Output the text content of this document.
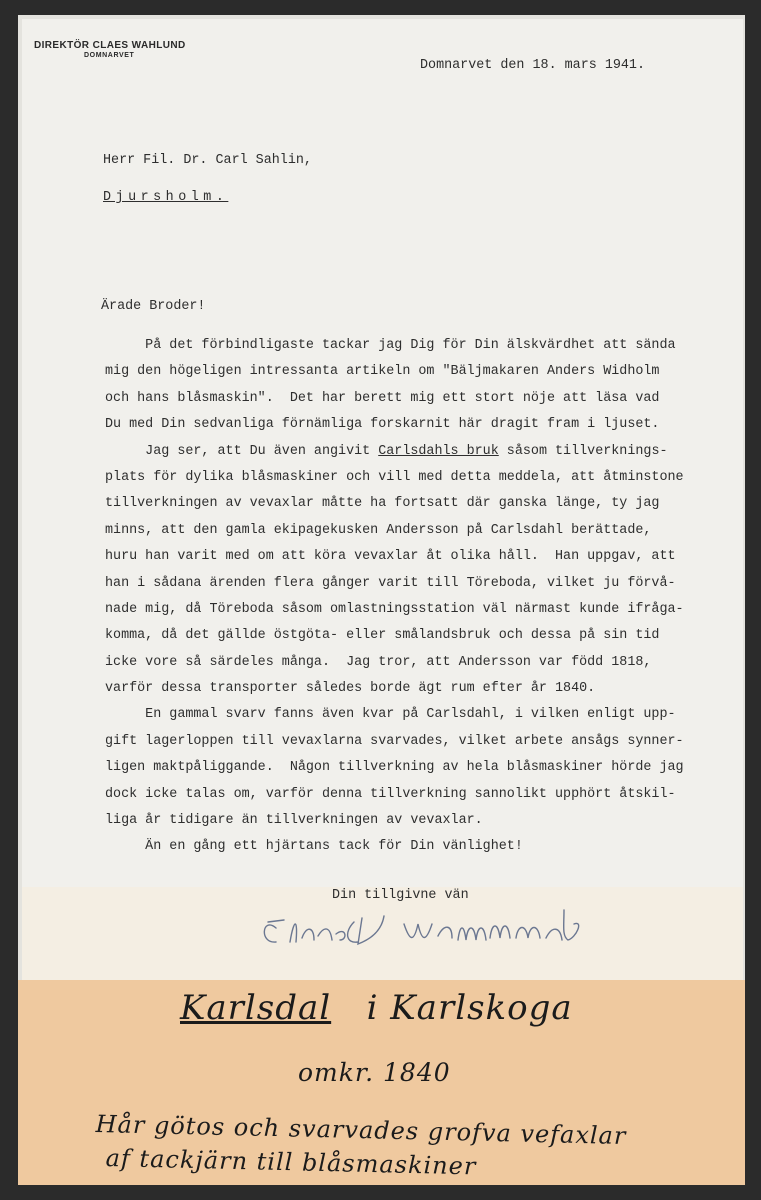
DIREKTÖR CLAES WAHLUND
DOMNARVET
Domnarvet den 18. mars 1941.
Herr Fil. Dr. Carl Sahlin,
Djursholm.
Ärade Broder!
På det förbindligaste tackar jag Dig för Din älskvärdhet att sända
mig den högeligen intressanta artikeln om "Bäljmakaren Anders Widholm
och hans blåsmaskin".  Det har berett mig ett stort nöje att läsa vad
Du med Din sedvanliga förnämliga forskarnit här dragit fram i ljuset.
Jag ser, att Du även angivit Carlsdahls bruk såsom tillverknings-
plats för dylika blåsmaskiner och vill med detta meddela, att åtminstone
tillverkningen av vevaxlar måtte ha fortsatt där ganska länge, ty jag
minns, att den gamla ekipagekusken Andersson på Carlsdahl berättade,
huru han varit med om att köra vevaxlar åt olika håll.  Han uppgav, att
han i sådana ärenden flera gånger varit till Töreboda, vilket ju förvå-
nade mig, då Töreboda såsom omlastningsstation väl närmast kunde ifråga-
komma, då det gällde östgöta- eller smålandsbruk och dessa på sin tid
icke vore så särdeles många.  Jag tror, att Andersson var född 1818,
varför dessa transporter således borde ägt rum efter år 1840.
En gammal svarv fanns även kvar på Carlsdahl, i vilken enligt upp-
gift lagerloppen till vevaxlarna svarvades, vilket arbete ansågs synner-
ligen maktpåliggande.  Någon tillverkning av hela blåsmaskiner hörde jag
dock icke talas om, varför denna tillverkning sannolikt upphört åtskil-
liga år tidigare än tillverkningen av vevaxlar.
Än en gång ett hjärtans tack för Din vänlighet!
Din tillgivne vän
Karlsdal i Karlskoga
omkr. 1840
Hår götos och svarvades grofva vefaxlar
af tackjärn till blåsmaskiner
